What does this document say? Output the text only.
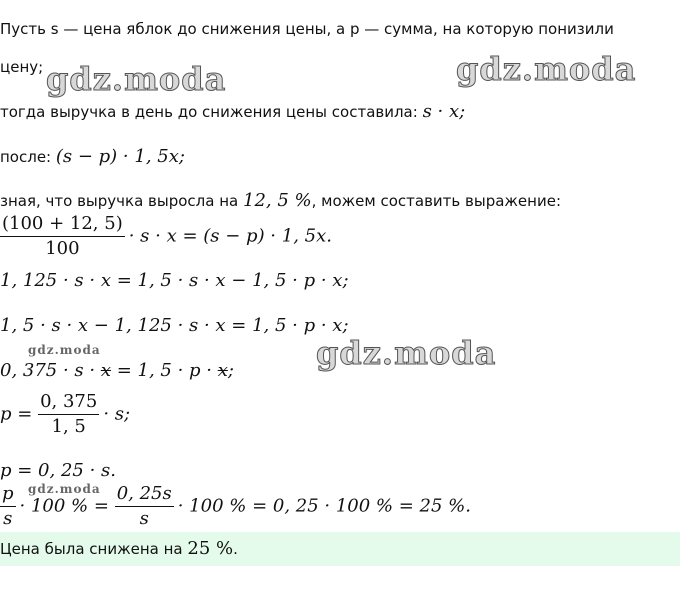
Пусть s — цена яблок до снижения цены, а p — сумма, на которую понизили
цену;
тогда выручка в день до снижения цены составила: s · x;
после: (s − p) · 1, 5x;
зная, что выручка выросла на 12, 5 %, можем составить выражение:
$\frac{(100 + 12, 5)}{100} \cdot s \cdot x = (s - p) \cdot 1$, 5x.
1, 125 · s · x = 1, 5 · s · x − 1, 5 · p · x;
1, 5 · s · x − 1, 125 · s · x = 1, 5 · p · x;
0, 375 · s · x = 1, 5 · p · x;
$p = \frac{0, 375}{1, 5} \cdot s$;
p = 0, 25 · s.
$\frac{p}{s} \cdot 100$ % = $\frac{0, 25s}{s} \cdot 100$ % = 0, 25 · 100 % = 25 %.
Цена была снижена на 25 %.
gdz.moda	gdz.moda
gdz.moda
gdz.moda
gdz.moda
